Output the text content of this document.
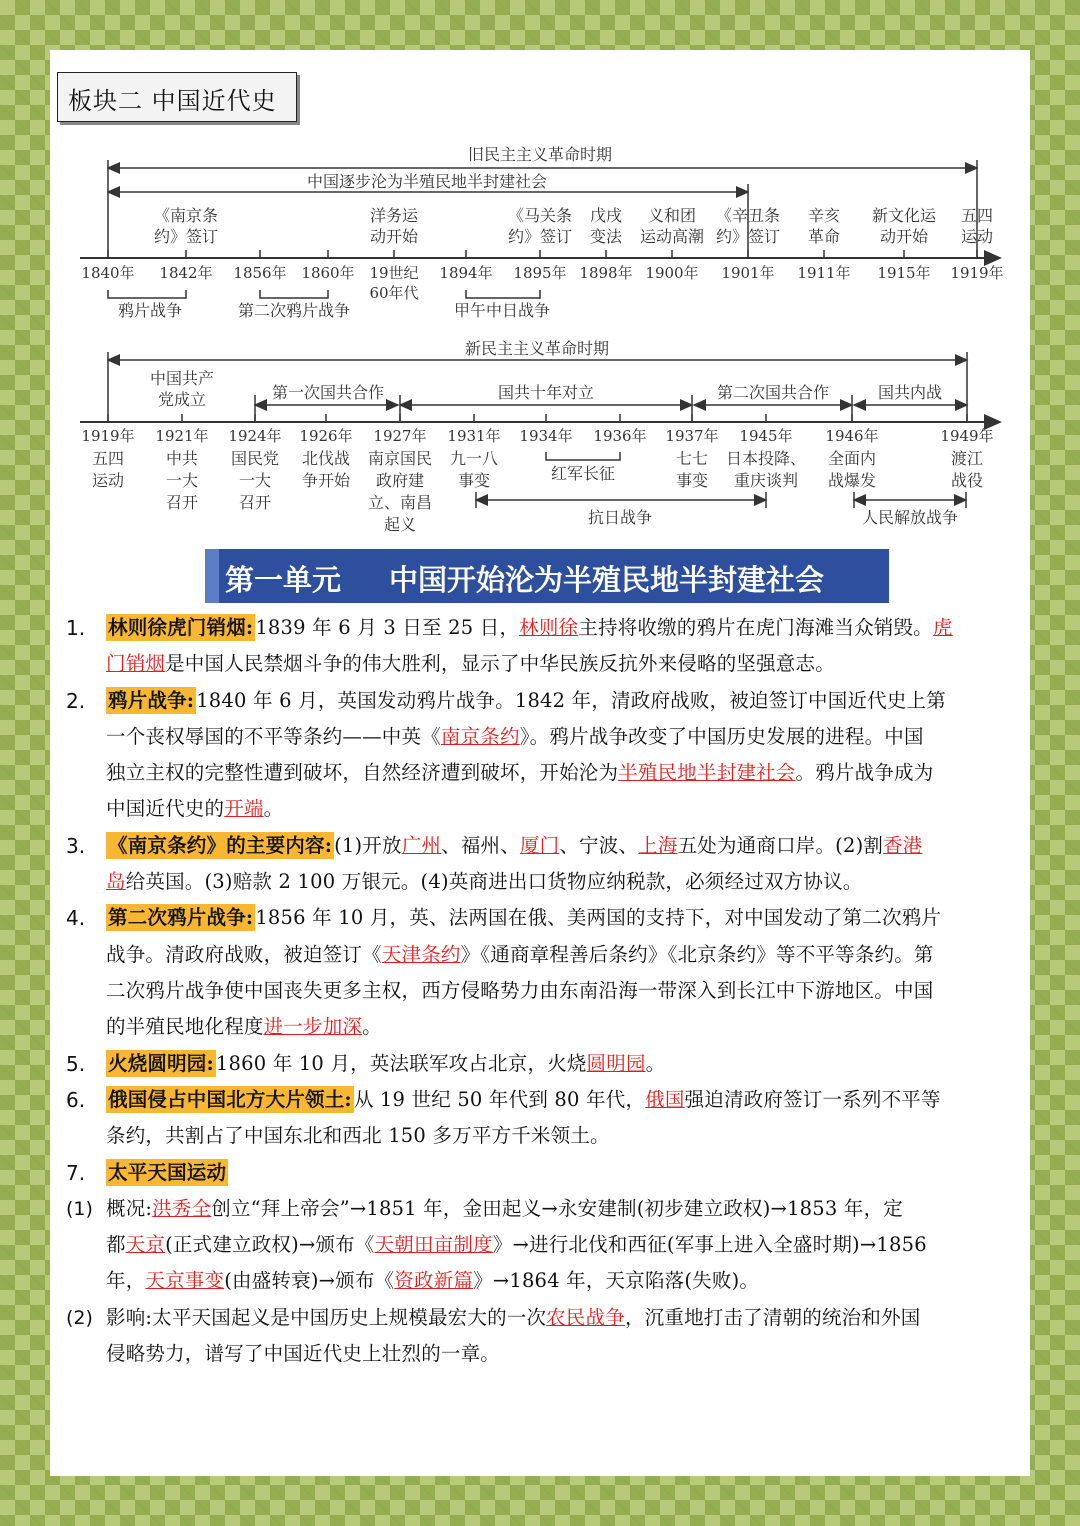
板块二 中国近代史
旧民主主义革命时期
中国逐步沦为半殖民地半封建社会
1840年 1842年 1856年 1860年 19世纪
60年代
1894年 1895年 1898年 1900年 1901年 1911年 1915年 1919年
《南京条
约》签订
洋务运
动开始
《马关条
约》签订
戊戌
变法
义和团
运动高潮
《辛丑条
约》签订
辛亥
革命
新文化运
动开始
五四
运动
鸦片战争	第二次鸦片战争	甲午中日战争
新民主主义革命时期
中国共产
党成立	第一次国共合作	国共十年对立	第二次国共合作	国共内战
1919年 1921年 1924年 1926年 1927年 1931年 1934年 1936年 1937年 1945年 1946年	1949年
五四
运动
中共
一大
召开
国民党
一大
召开
北伐战
争开始
南京国民
政府建
立、南昌
起义
九一八
事变
七七
事变
日本投降、
重庆谈判
全面内
战爆发
渡江
战役
红军长征
抗日战争	人民解放战争
第一单元 中国开始沦为半殖民地半封建社会
1. 林则徐虎门销烟: 1839 年 6 月 3 日至 25 日，林则徐主持将收缴的鸦片在虎门海滩当众销毁。虎
门销烟是中国人民禁烟斗争的伟大胜利，显示了中华民族反抗外来侵略的坚强意志。
2. 鸦片战争: 1840 年 6 月，英国发动鸦片战争。1842 年，清政府战败，被迫签订中国近代史上第
一个丧权辱国的不平等条约——中英《南京条约》。鸦片战争改变了中国历史发展的进程。中国
独立主权的完整性遭到破坏，自然经济遭到破坏，开始沦为半殖民地半封建社会。鸦片战争成为
中国近代史的开端。
3. 《南京条约》的主要内容: (1)开放广州、福州、厦门、宁波、上海五处为通商口岸。(2)割香港
岛给英国。(3)赔款 2 100 万银元。(4)英商进出口货物应纳税款，必须经过双方协议。
4. 第二次鸦片战争: 1856 年 10 月，英、法两国在俄、美两国的支持下，对中国发动了第二次鸦片
战争。清政府战败，被迫签订《天津条约》《通商章程善后条约》《北京条约》等不平等条约。第
二次鸦片战争使中国丧失更多主权，西方侵略势力由东南沿海一带深入到长江中下游地区。中国
的半殖民地化程度进一步加深。
5. 火烧圆明园: 1860 年 10 月，英法联军攻占北京，火烧圆明园。
6. 俄国侵占中国北方大片领土: 从 19 世纪 50 年代到 80 年代，俄国强迫清政府签订一系列不平等
条约，共割占了中国东北和西北 150 多万平方千米领土。
7. 太平天国运动
(1) 概况:洪秀全创立“拜上帝会”→1851 年，金田起义→永安建制(初步建立政权)→1853 年，定
都天京(正式建立政权)→颁布《天朝田亩制度》→进行北伐和西征(军事上进入全盛时期)→1856
年，天京事变(由盛转衰)→颁布《资政新篇》→1864 年，天京陷落(失败)。
(2) 影响:太平天国起义是中国历史上规模最宏大的一次农民战争，沉重地打击了清朝的统治和外国
侵略势力，谱写了中国近代史上壮烈的一章。
